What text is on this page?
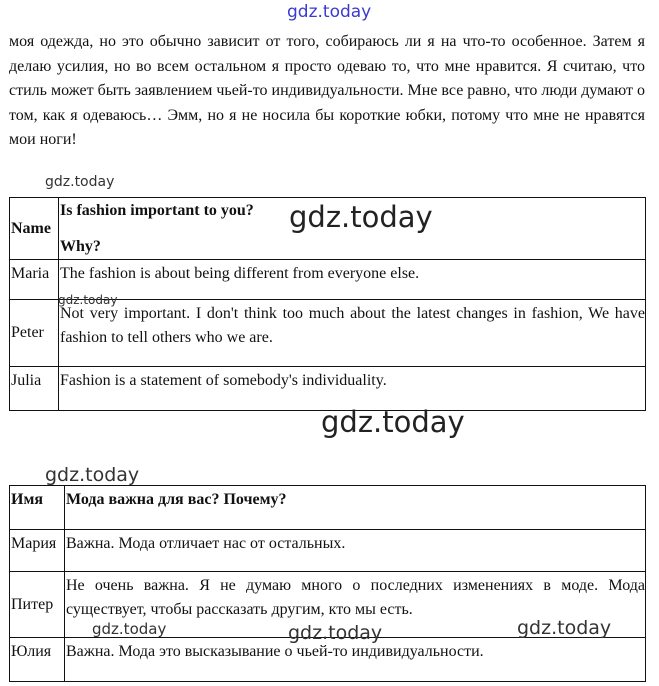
моя одежда, но это обычно зависит от того, собираюсь ли я на что-то особенное. Затем я делаю усилия, но во всем остальном я просто одеваю то, что мне нравится. Я считаю, что стиль может быть заявлением чьей-то индивидуальности. Мне все равно, что люди думают о том, как я одеваюсь… Эмм, но я не носила бы короткие юбки, потому что мне не нравятся мои ноги!

Name	Is fashion important to you?
Why?

Maria	The fashion is about being different from everyone else.
Peter	Not very important. I don't think too much about the latest changes in fashion, We have fashion to tell others who we are.
Julia	Fashion is a statement of somebody's individuality.
Имя	Мода важна для вас? Почему?
Мария	Важна. Мода отличает нас от остальных.
Питер	Не очень важна. Я не думаю много о последних изменениях в моде. Мода существует, чтобы рассказать другим, кто мы есть.
Юлия	Важна. Мода это высказывание о чьей-то индивидуальности.
gdz.today
gdz.today
gdz.today
gdz.today
gdz.today
gdz.today
gdz.today	gdz.today	gdz.today
